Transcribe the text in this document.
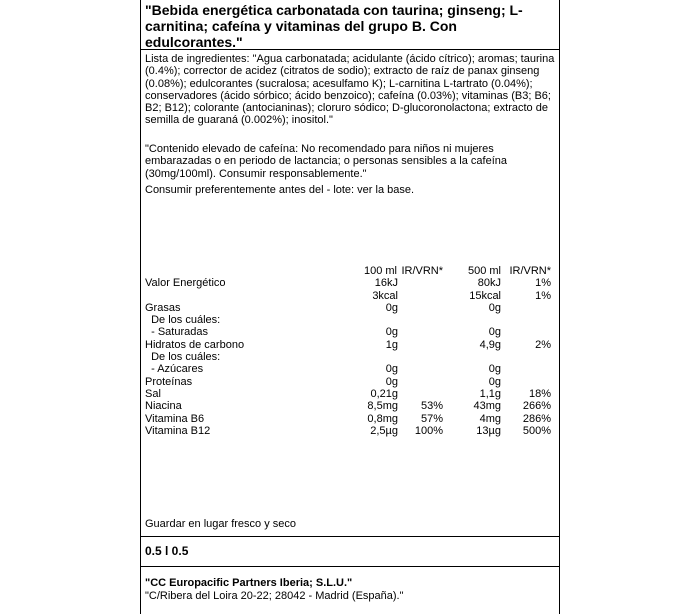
"Bebida energética carbonatada con taurina; ginseng; L-carnitina; cafeína y vitaminas del grupo B. Con edulcorantes."
Lista de ingredientes: "Agua carbonatada; acidulante (ácido cítrico); aromas; taurina (0.4%); corrector de acidez (citratos de sodio); extracto de raíz de panax ginseng (0.08%); edulcorantes (sucralosa; acesulfamo K); L-carnitina L-tartrato (0.04%); conservadores (ácido sórbico; ácido benzoico); cafeína (0.03%); vitaminas (B3; B6; B2; B12); colorante (antocianinas); cloruro sódico; D-glucoronolactona; extracto de semilla de guaraná (0.002%); inositol."
"Contenido elevado de cafeína: No recomendado para niños ni mujeres embarazadas o en periodo de lactancia; o personas sensibles a la cafeína (30mg/100ml). Consumir responsablemente."
Consumir preferentemente antes del - lote: ver la base.
100 ml IR/VRN* 500 ml IR/VRN*
Valor Energético	16kJ	80kJ	1%
3kcal	15kcal	1%
Grasas	0g	0g
De los cuáles:
- Saturadas	0g	0g
Hidratos de carbono	1g	4,9g	2%
De los cuáles:
- Azúcares	0g	0g
Proteínas	0g	0g
Sal	0,21g	1,1g	18%
Niacina	8,5mg 53%	43mg 266%
Vitamina B6	0,8mg 57%	4mg 286%
Vitamina B12	2,5µg 100%	13µg 500%
Guardar en lugar fresco y seco
0.5 l 0.5
"CC Europacific Partners Iberia; S.L.U."
"C/Ribera del Loira 20-22; 28042 - Madrid (España)."
